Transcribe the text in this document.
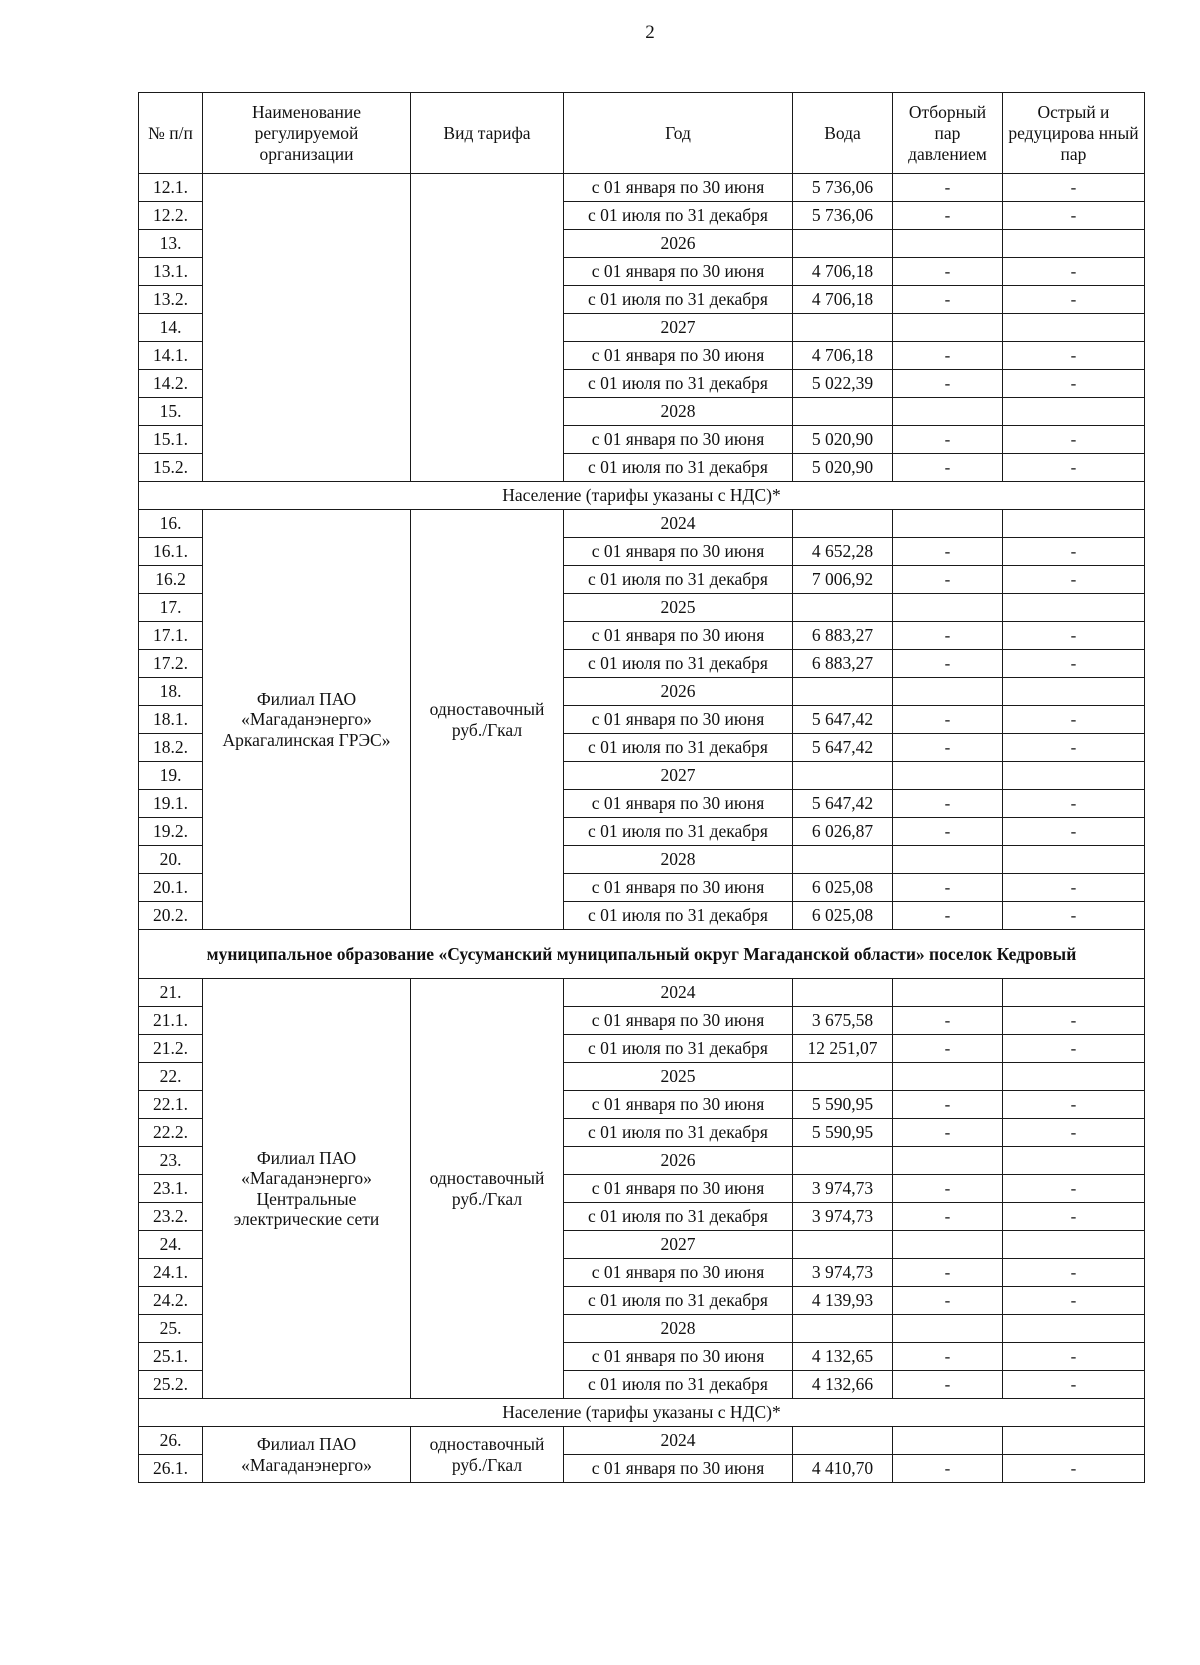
2
№ п/п	Наименование регулируемой организации	Вид тарифа	Год	Вода	Отборный пар давлением	Острый и редуцирова нный пар
12.1.			с 01 января по 30 июня	5 736,06	-	-
12.2.			с 01 июля по 31 декабря	5 736,06	-	-
13.			2026			
13.1.			с 01 января по 30 июня	4 706,18	-	-
13.2.			с 01 июля по 31 декабря	4 706,18	-	-
14.			2027			
14.1.			с 01 января по 30 июня	4 706,18	-	-
14.2.			с 01 июля по 31 декабря	5 022,39	-	-
15.			2028			
15.1.			с 01 января по 30 июня	5 020,90	-	-
15.2.			с 01 июля по 31 декабря	5 020,90	-	-
Население (тарифы указаны с НДС)*						
16.	Филиал ПАО «Магаданэнерго» Аркагалинская ГРЭС»	одноставочный руб./Гкал	2024			
16.1.			с 01 января по 30 июня	4 652,28	-	-
16.2			с 01 июля по 31 декабря	7 006,92	-	-
17.			2025			
17.1.			с 01 января по 30 июня	6 883,27	-	-
17.2.			с 01 июля по 31 декабря	6 883,27	-	-
18.			2026			
18.1.			с 01 января по 30 июня	5 647,42	-	-
18.2.			с 01 июля по 31 декабря	5 647,42	-	-
19.			2027			
19.1.			с 01 января по 30 июня	5 647,42	-	-
19.2.			с 01 июля по 31 декабря	6 026,87	-	-
20.			2028			
20.1.			с 01 января по 30 июня	6 025,08	-	-
20.2.			с 01 июля по 31 декабря	6 025,08	-	-
муниципальное образование «Сусуманский муниципальный округ Магаданской области» поселок Кедровый						
21.	Филиал ПАО «Магаданэнерго» Центральные электрические сети	одноставочный руб./Гкал	2024			
21.1.			с 01 января по 30 июня	3 675,58	-	-
21.2.			с 01 июля по 31 декабря	12 251,07	-	-
22.			2025			
22.1.			с 01 января по 30 июня	5 590,95	-	-
22.2.			с 01 июля по 31 декабря	5 590,95	-	-
23.			2026			
23.1.			с 01 января по 30 июня	3 974,73	-	-
23.2.			с 01 июля по 31 декабря	3 974,73	-	-
24.			2027			
24.1.			с 01 января по 30 июня	3 974,73	-	-
24.2.			с 01 июля по 31 декабря	4 139,93	-	-
25.			2028			
25.1.			с 01 января по 30 июня	4 132,65	-	-
25.2.			с 01 июля по 31 декабря	4 132,66	-	-
Население (тарифы указаны с НДС)*						
26.	Филиал ПАО «Магаданэнерго»	одноставочный руб./Гкал	2024			
26.1.			с 01 января по 30 июня	4 410,70	-	-
